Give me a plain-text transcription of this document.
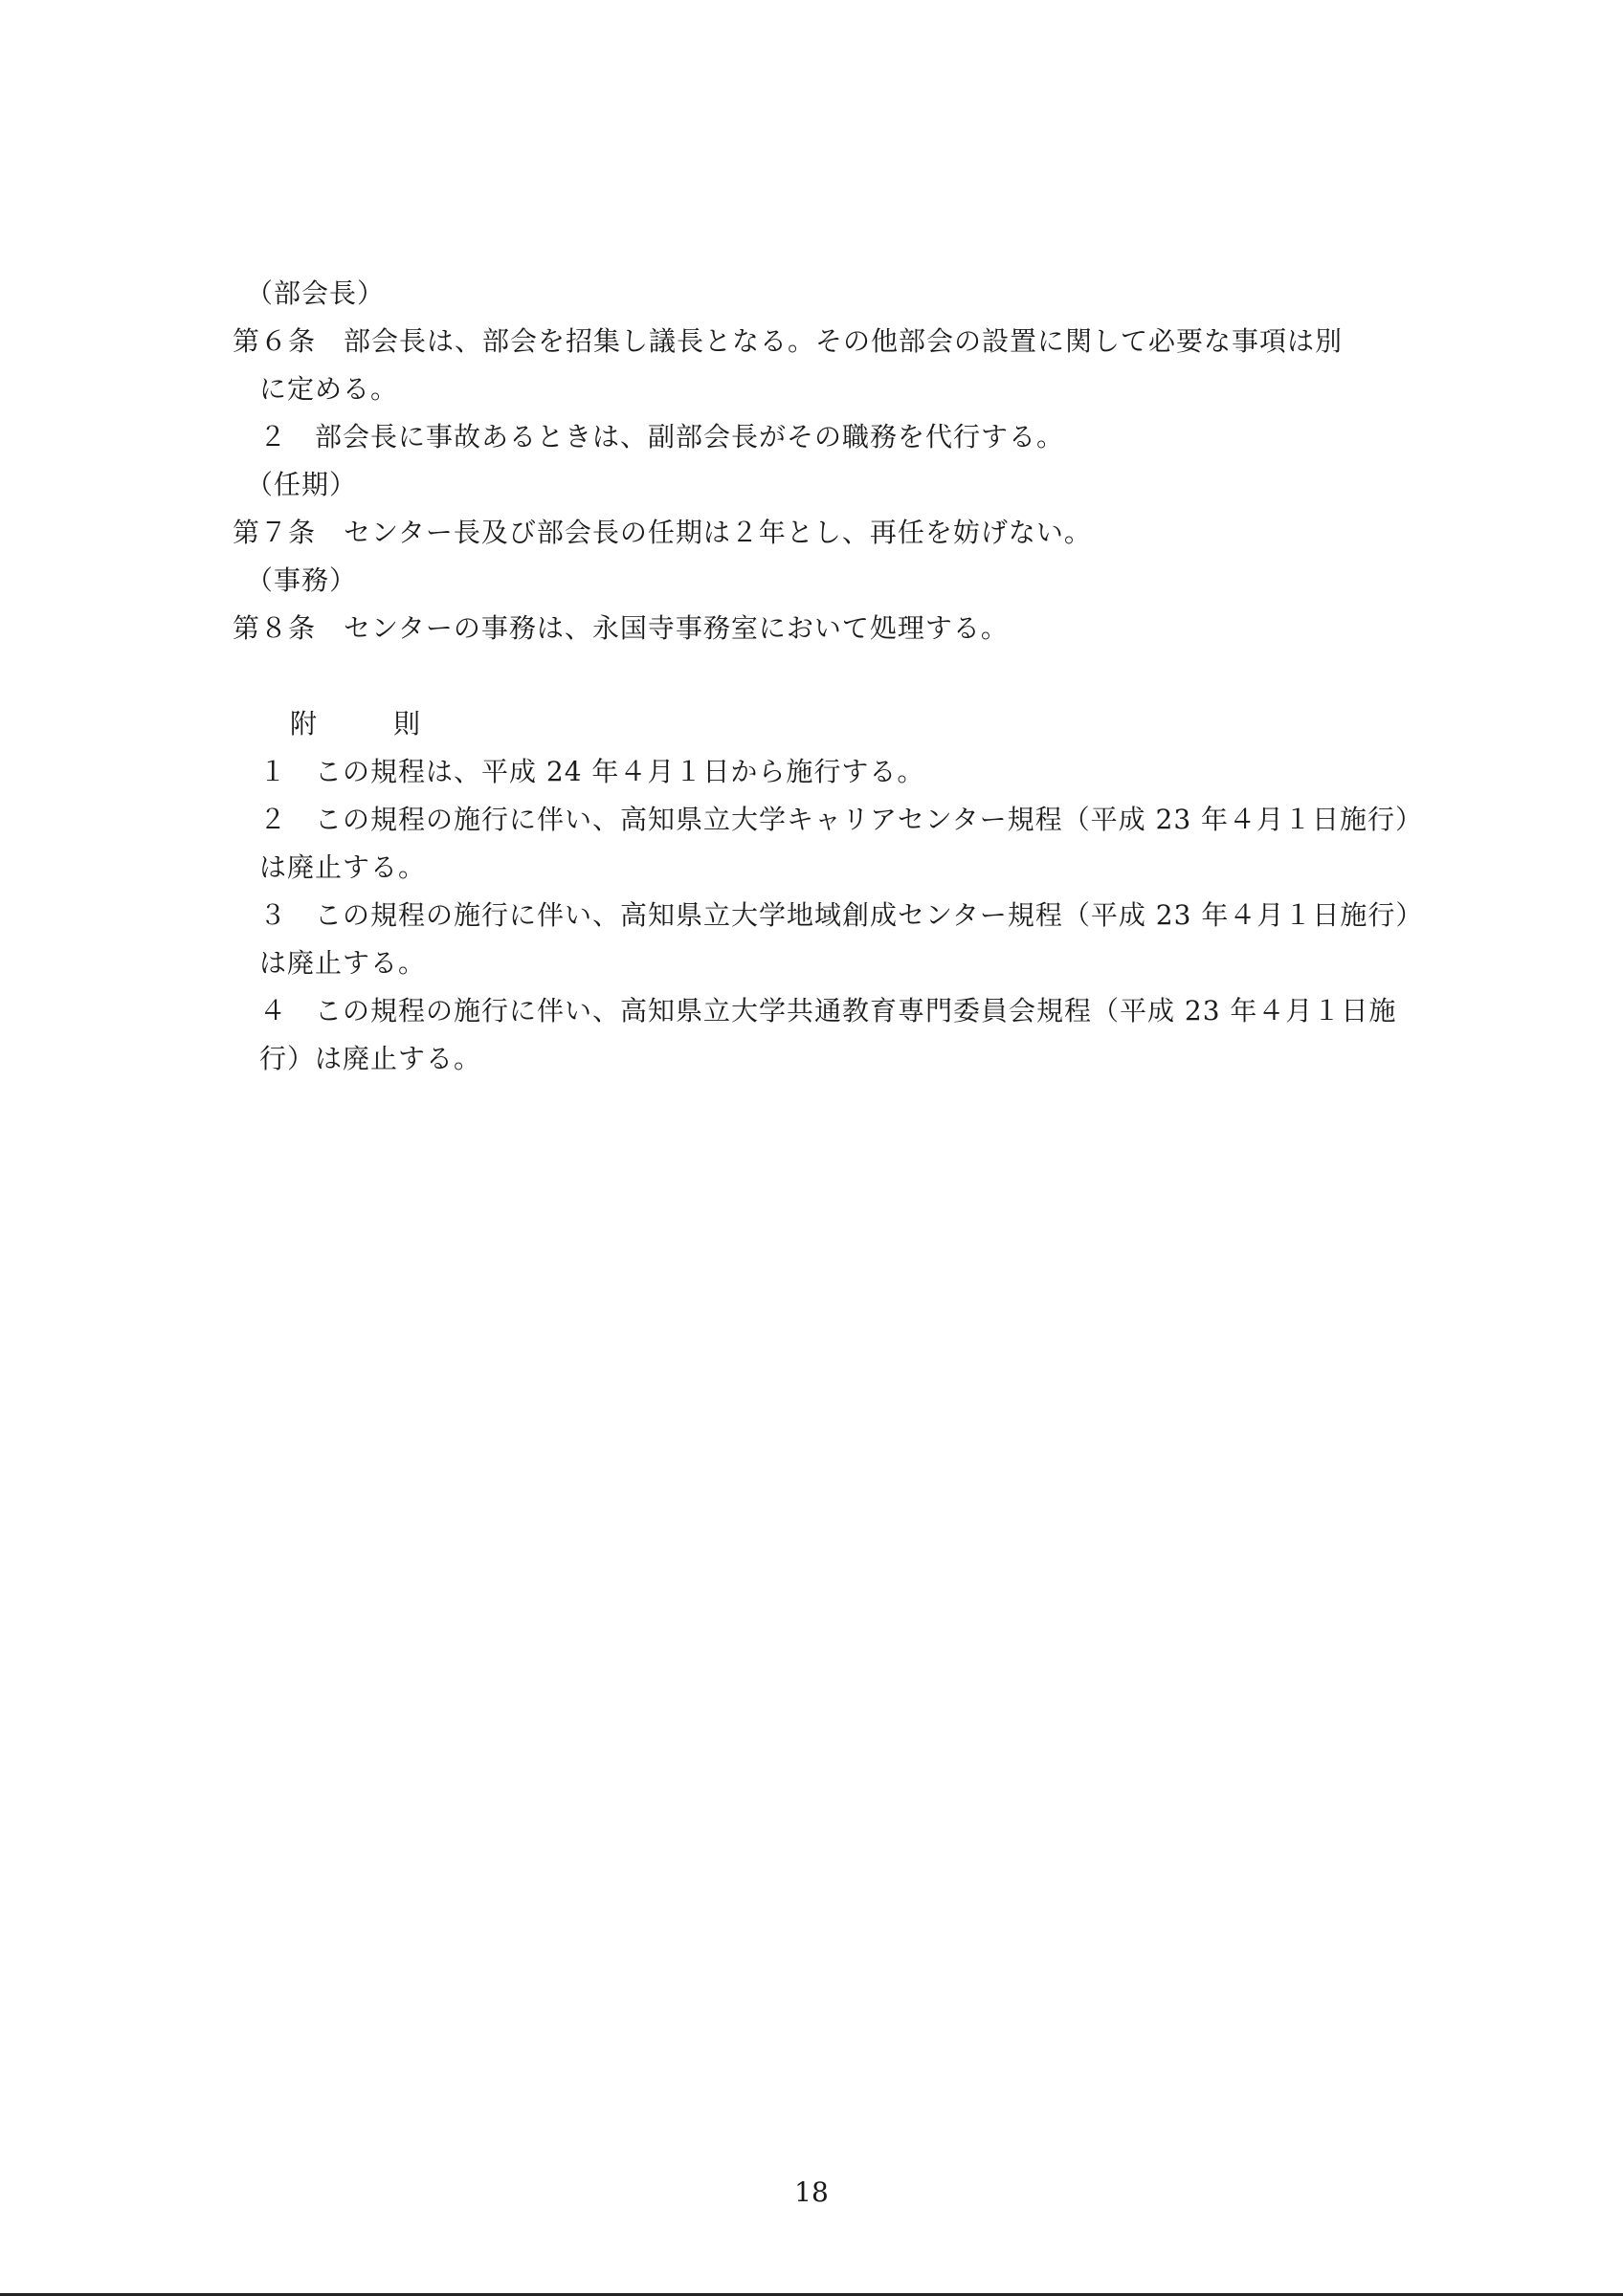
（部会長）
第６条　部会長は、部会を招集し議長となる。その他部会の設置に関して必要な事項は別
に定める。
２　部会長に事故あるときは、副部会長がその職務を代行する。
（任期）
第７条　センター長及び部会長の任期は２年とし、再任を妨げない。
（事務）
第８条　センターの事務は、永国寺事務室において処理する。
附　則
１　この規程は、平成 24 年４月１日から施行する。
２　この規程の施行に伴い、高知県立大学キャリアセンター規程（平成 23 年４月１日施行）
は廃止する。
３　この規程の施行に伴い、高知県立大学地域創成センター規程（平成 23 年４月１日施行）
は廃止する。
４　この規程の施行に伴い、高知県立大学共通教育専門委員会規程（平成 23 年４月１日施
行）は廃止する。
18
